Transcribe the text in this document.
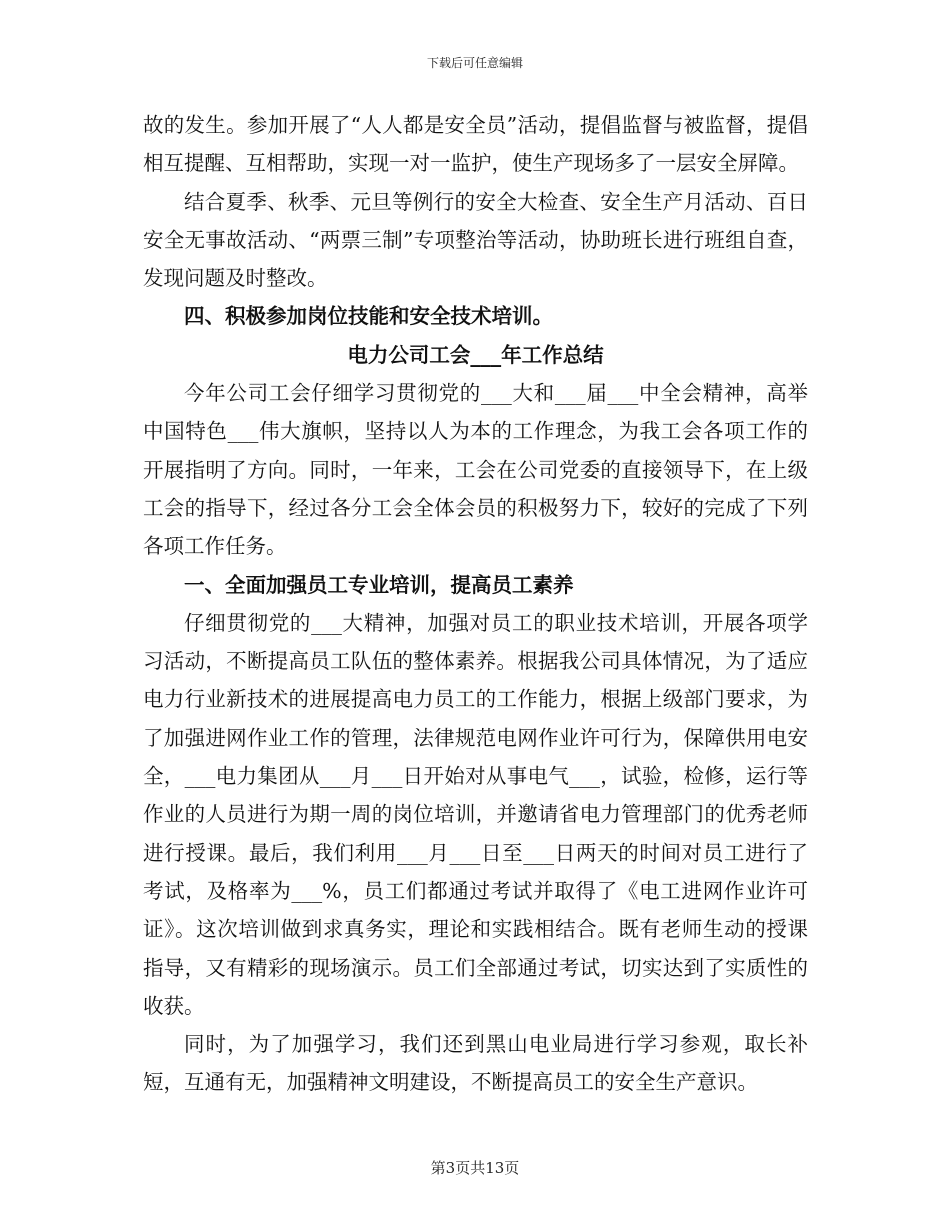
下载后可任意编辑

故的发生。参加开展了“人人都是安全员”活动，提倡监督与被监督，提倡相互提醒、互相帮助，实现一对一监护，使生产现场多了一层安全屏障。

结合夏季、秋季、元旦等例行的安全大检查、安全生产月活动、百日安全无事故活动、“两票三制”专项整治等活动，协助班长进行班组自查，发现问题及时整改。

四、积极参加岗位技能和安全技术培训。

电力公司工会___年工作总结

今年公司工会仔细学习贯彻党的___大和___届___中全会精神，高举中国特色___伟大旗帜，坚持以人为本的工作理念，为我工会各项工作的开展指明了方向。同时，一年来，工会在公司党委的直接领导下，在上级工会的指导下，经过各分工会全体会员的积极努力下，较好的完成了下列各项工作任务。

一、全面加强员工专业培训，提高员工素养

仔细贯彻党的___大精神，加强对员工的职业技术培训，开展各项学习活动，不断提高员工队伍的整体素养。根据我公司具体情况，为了适应电力行业新技术的进展提高电力员工的工作能力，根据上级部门要求，为了加强进网作业工作的管理，法律规范电网作业许可行为，保障供用电安全，___电力集团从___月___日开始对从事电气___，试验，检修，运行等作业的人员进行为期一周的岗位培训，并邀请省电力管理部门的优秀老师进行授课。最后，我们利用___月___日至___日两天的时间对员工进行了考试，及格率为___%，员工们都通过考试并取得了《电工进网作业许可证》。这次培训做到求真务实，理论和实践相结合。既有老师生动的授课指导，又有精彩的现场演示。员工们全部通过考试，切实达到了实质性的收获。

同时，为了加强学习，我们还到黑山电业局进行学习参观，取长补短，互通有无，加强精神文明建设，不断提高员工的安全生产意识。

第3页共13页
